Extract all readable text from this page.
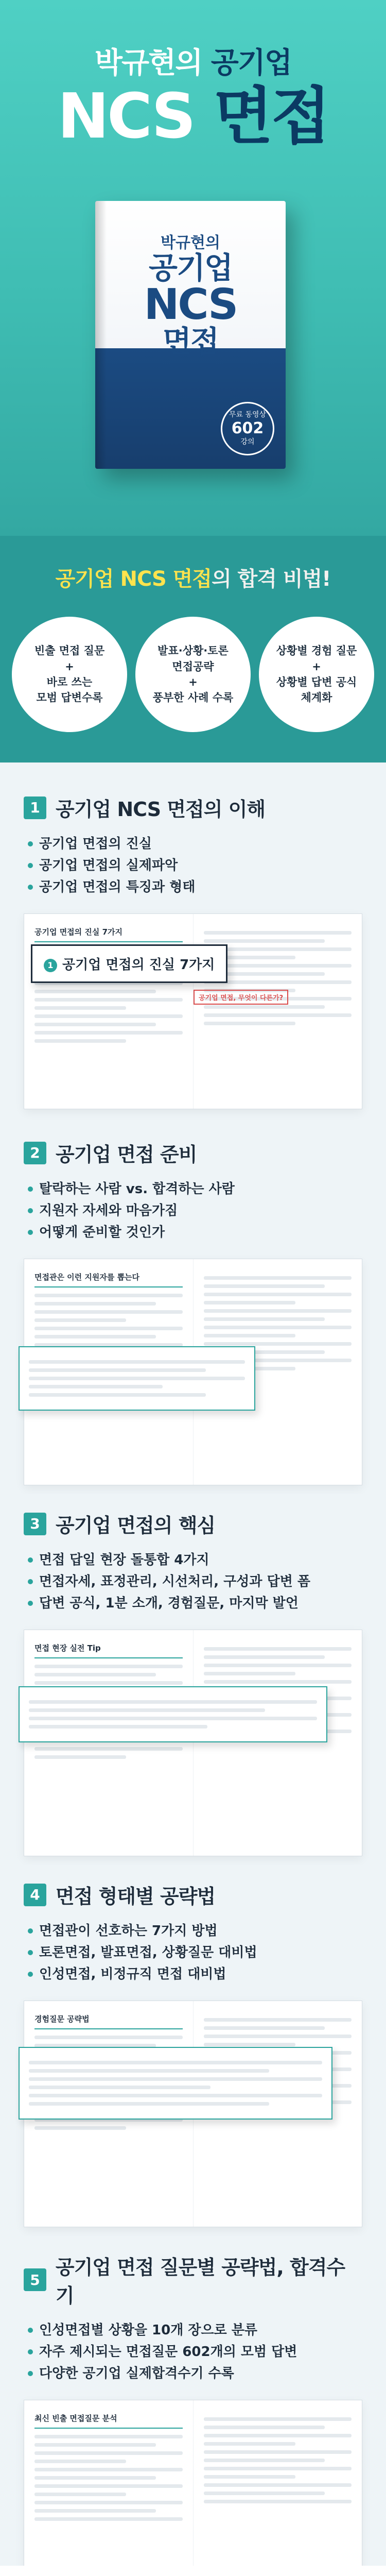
박규현의 공기업
NCS 면접
박규현의
공기업
NCS
면접
무료 동영상
602
강의
공기업 NCS 면접의 합격 비법!
빈출 면접 질문
+
바로 쓰는
모범 답변수록
발표·상황·토론
면접공략
+
풍부한 사례 수록
상황별 경험 질문
+
상황별 답변 공식
체계화
1 공기업 NCS 면접의 이해
공기업 면접의 진실
공기업 면접의 실제파악
공기업 면접의 특징과 형태
공기업 면접의 진실 7가지
1 공기업 면접의 진실 7가지
공기업 면접, 무엇이 다른가?
2 공기업 면접 준비
탈락하는 사람 vs. 합격하는 사람
지원자 자세와 마음가짐
어떻게 준비할 것인가
면접관은 이런 지원자를 뽑는다
3 공기업 면접의 핵심
면접 답일 현장 돌통합 4가지
면접자세, 표정관리, 시선처리, 구성과 답변 폼
답변 공식, 1분 소개, 경험질문, 마지막 발언
면접 현장 실전 Tip
4 면접 형태별 공략법
면접관이 선호하는 7가지 방법
토론면접, 발표면접, 상황질문 대비법
인성면접, 비정규직 면접 대비법
경험질문 공략법
5
공기업 면접 질문별 공략법, 합격수기
인성면접별 상황을 10개 장으로 분류
자주 제시되는 면접질문 602개의 모범 답변
다양한 공기업 실제합격수기 수록
최신 빈출 면접질문 분석
